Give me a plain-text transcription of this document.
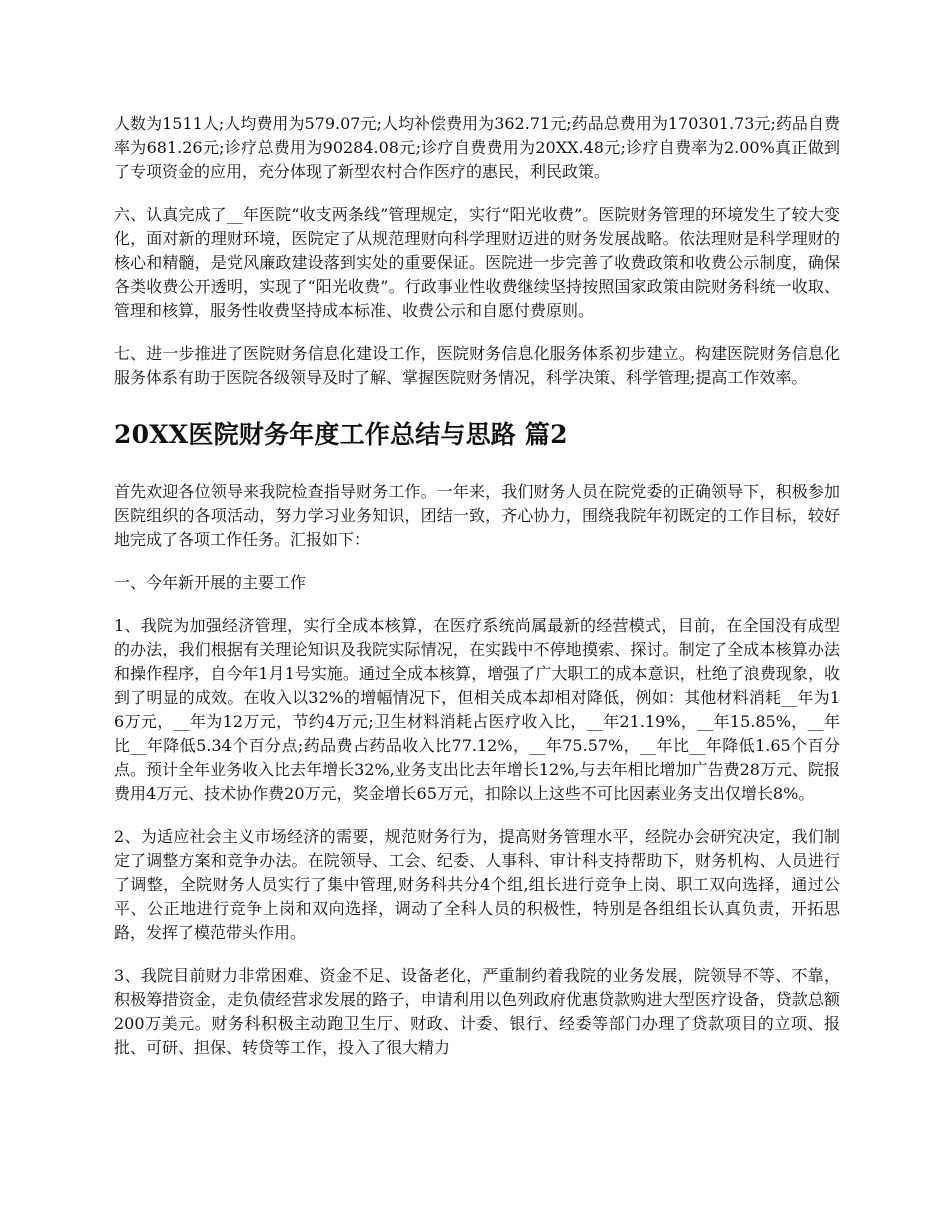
人数为1511人;人均费用为579.07元;人均补偿费用为362.71元;药品总费用为170301.73元;药品自费率为681.26元;诊疗总费用为90284.08元;诊疗自费费用为20XX.48元;诊疗自费率为2.00%真正做到了专项资金的应用，充分体现了新型农村合作医疗的惠民，利民政策。

六、认真完成了__年医院“收支两条线”管理规定，实行“阳光收费”。医院财务管理的环境发生了较大变化，面对新的理财环境，医院定了从规范理财向科学理财迈进的财务发展战略。依法理财是科学理财的核心和精髓，是党风廉政建设落到实处的重要保证。医院进一步完善了收费政策和收费公示制度，确保各类收费公开透明，实现了“阳光收费”。行政事业性收费继续坚持按照国家政策由院财务科统一收取、管理和核算，服务性收费坚持成本标准、收费公示和自愿付费原则。

七、进一步推进了医院财务信息化建设工作，医院财务信息化服务体系初步建立。构建医院财务信息化服务体系有助于医院各级领导及时了解、掌握医院财务情况，科学决策、科学管理;提高工作效率。

20XX医院财务年度工作总结与思路 篇2

首先欢迎各位领导来我院检查指导财务工作。一年来，我们财务人员在院党委的正确领导下，积极参加医院组织的各项活动，努力学习业务知识，团结一致，齐心协力，围绕我院年初既定的工作目标，较好地完成了各项工作任务。汇报如下：

一、今年新开展的主要工作

1、我院为加强经济管理，实行全成本核算，在医疗系统尚属最新的经营模式，目前，在全国没有成型的办法，我们根据有关理论知识及我院实际情况，在实践中不停地摸索、探讨。制定了全成本核算办法和操作程序，自今年1月1号实施。通过全成本核算，增强了广大职工的成本意识，杜绝了浪费现象，收到了明显的成效。在收入以32%的增幅情况下，但相关成本却相对降低，例如：其他材料消耗__年为16万元，__年为12万元，节约4万元;卫生材料消耗占医疗收入比，__年21.19%，__年15.85%，__年比__年降低5.34个百分点;药品费占药品收入比77.12%，__年75.57%，__年比__年降低1.65个百分点。预计全年业务收入比去年增长32%,业务支出比去年增长12%,与去年相比增加广告费28万元、院报费用4万元、技术协作费20万元，奖金增长65万元，扣除以上这些不可比因素业务支出仅增长8%。

2、为适应社会主义市场经济的需要，规范财务行为，提高财务管理水平，经院办会研究决定，我们制定了调整方案和竞争办法。在院领导、工会、纪委、人事科、审计科支持帮助下，财务机构、人员进行了调整，全院财务人员实行了集中管理,财务科共分4个组,组长进行竞争上岗、职工双向选择，通过公平、公正地进行竞争上岗和双向选择，调动了全科人员的积极性，特别是各组组长认真负责，开拓思路，发挥了模范带头作用。

3、我院目前财力非常困难、资金不足、设备老化，严重制约着我院的业务发展，院领导不等、不靠，积极筹措资金，走负债经营求发展的路子，申请利用以色列政府优惠贷款购进大型医疗设备，贷款总额200万美元。财务科积极主动跑卫生厅、财政、计委、银行、经委等部门办理了贷款项目的立项、报批、可研、担保、转贷等工作，投入了很大精力
